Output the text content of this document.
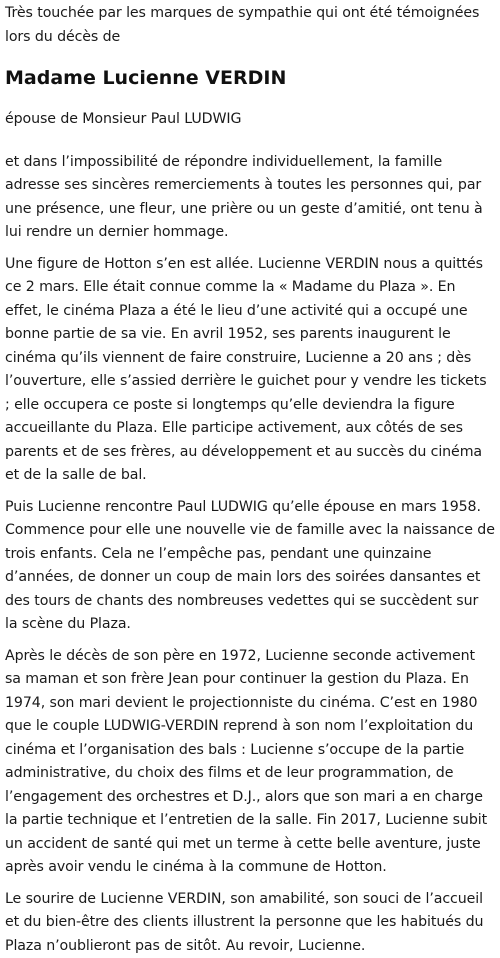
Très touchée par les marques de sympathie qui ont été témoignées lors du décès de

Madame Lucienne VERDIN

épouse de Monsieur Paul LUDWIG

et dans l’impossibilité de répondre individuellement, la famille adresse ses sincères remerciements à toutes les personnes qui, par une présence, une fleur, une prière ou un geste d’amitié, ont tenu à lui rendre un dernier hommage.

Une figure de Hotton s’en est allée. Lucienne VERDIN nous a quittés ce 2 mars. Elle était connue comme la « Madame du Plaza ». En effet, le cinéma Plaza a été le lieu d’une activité qui a occupé une bonne partie de sa vie. En avril 1952, ses parents inaugurent le cinéma qu’ils viennent de faire construire, Lucienne a 20 ans ; dès l’ouverture, elle s’assied derrière le guichet pour y vendre les tickets ; elle occupera ce poste si longtemps qu’elle deviendra la figure accueillante du Plaza. Elle participe activement, aux côtés de ses parents et de ses frères, au développement et au succès du cinéma et de la salle de bal.

Puis Lucienne rencontre Paul LUDWIG qu’elle épouse en mars 1958. Commence pour elle une nouvelle vie de famille avec la naissance de trois enfants. Cela ne l’empêche pas, pendant une quinzaine d’années, de donner un coup de main lors des soirées dansantes et des tours de chants des nombreuses vedettes qui se succèdent sur la scène du Plaza.

Après le décès de son père en 1972, Lucienne seconde activement sa maman et son frère Jean pour continuer la gestion du Plaza. En 1974, son mari devient le projectionniste du cinéma. C’est en 1980 que le couple LUDWIG-VERDIN reprend à son nom l’exploitation du cinéma et l’organisation des bals : Lucienne s’occupe de la partie administrative, du choix des films et de leur programmation, de l’engagement des orchestres et D.J., alors que son mari a en charge la partie technique et l’entretien de la salle. Fin 2017, Lucienne subit un accident de santé qui met un terme à cette belle aventure, juste après avoir vendu le cinéma à la commune de Hotton.

Le sourire de Lucienne VERDIN, son amabilité, son souci de l’accueil et du bien-être des clients illustrent la personne que les habitués du Plaza n’oublieront pas de sitôt. Au revoir, Lucienne.
